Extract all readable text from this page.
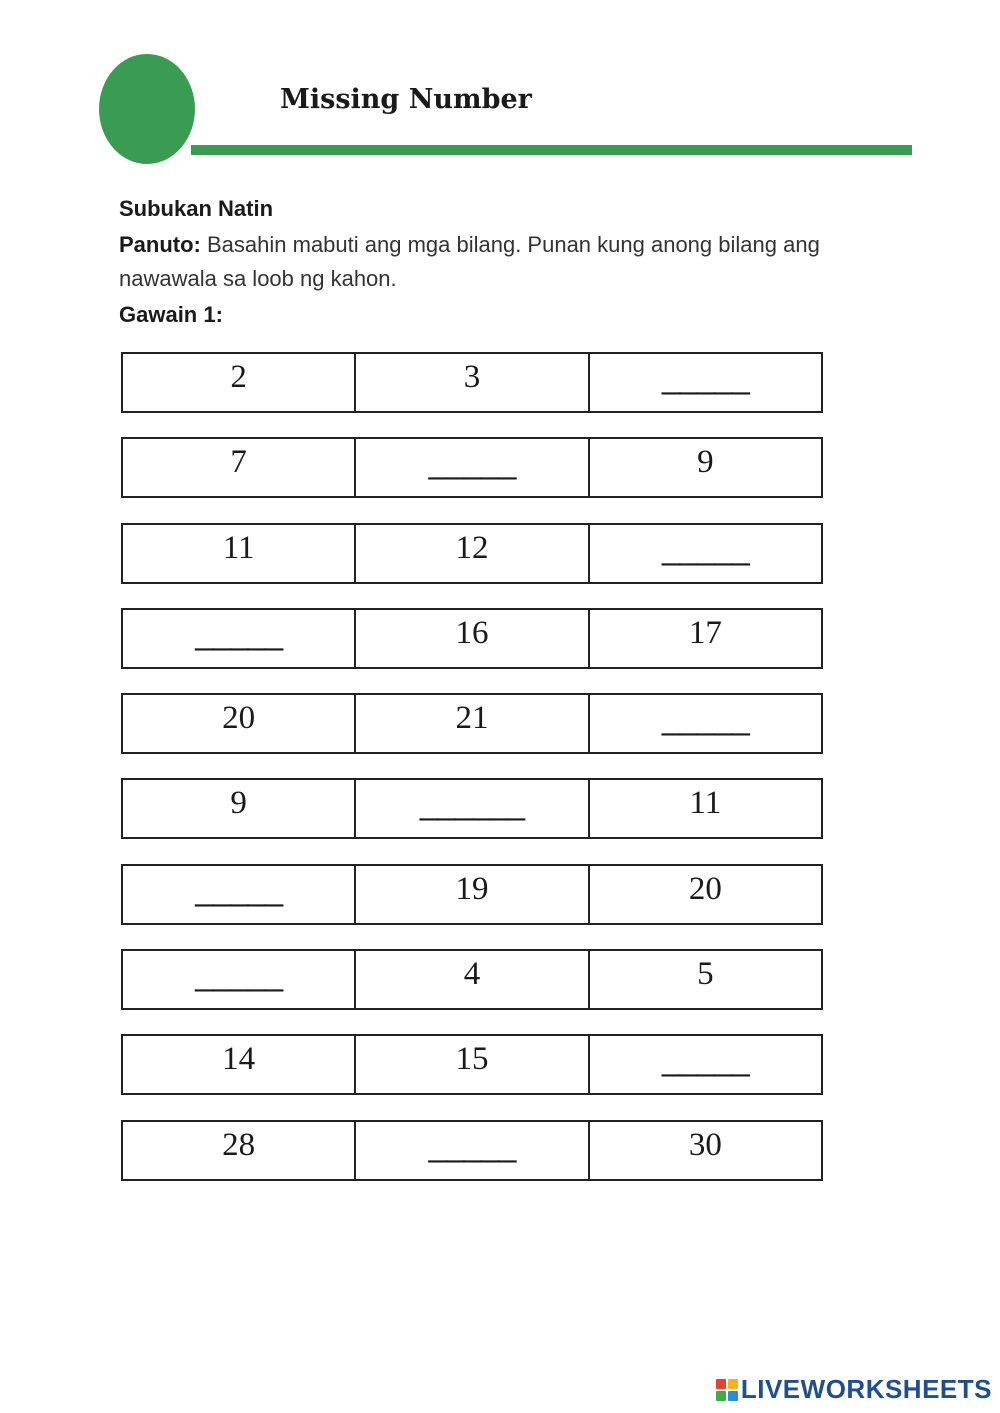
Missing Number
Subukan Natin
Panuto: Basahin mabuti ang mga bilang. Punan kung anong bilang ang nawawala sa loob ng kahon.
Gawain 1:
2	3	_____
7	_____	9
11	12	_____
_____	16	17
20	21	_____
9	______	11
_____	19	20
_____	4	5
14	15	_____
28	_____	30
LIVEWORKSHEETS
